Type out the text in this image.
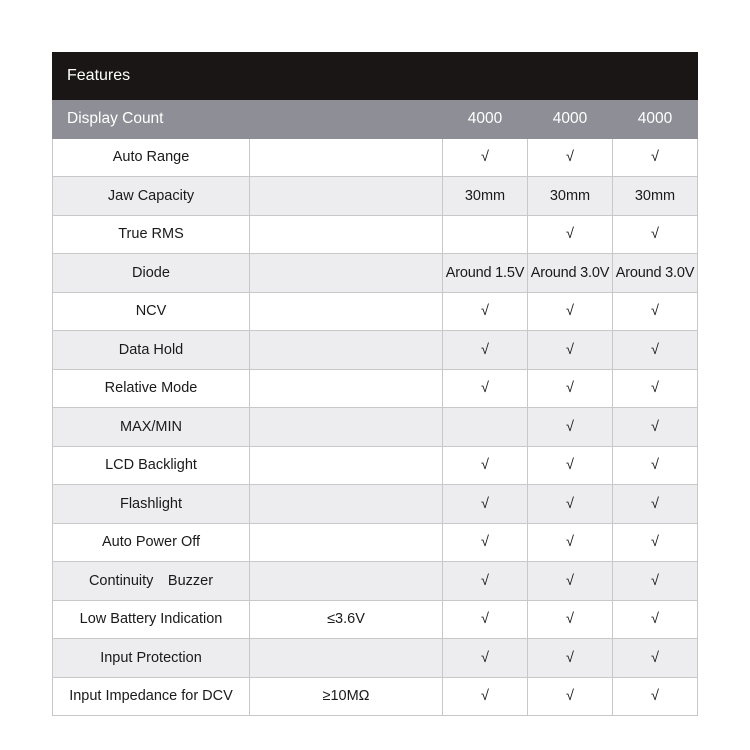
Features				
Display Count		4000	4000	4000
Auto Range		√	√	√
Jaw Capacity		30mm	30mm	30mm
True RMS			√	√
Diode		Around 1.5V	Around 3.0V	Around 3.0V
NCV		√	√	√
Data Hold		√	√	√
Relative Mode		√	√	√
MAX/MIN			√	√
LCD Backlight		√	√	√
Flashlight		√	√	√
Auto Power Off		√	√	√
Continuity Buzzer		√	√	√
Low Battery Indication	≤3.6V	√	√	√
Input Protection		√	√	√
Input Impedance for DCV	≥10MΩ	√	√	√
